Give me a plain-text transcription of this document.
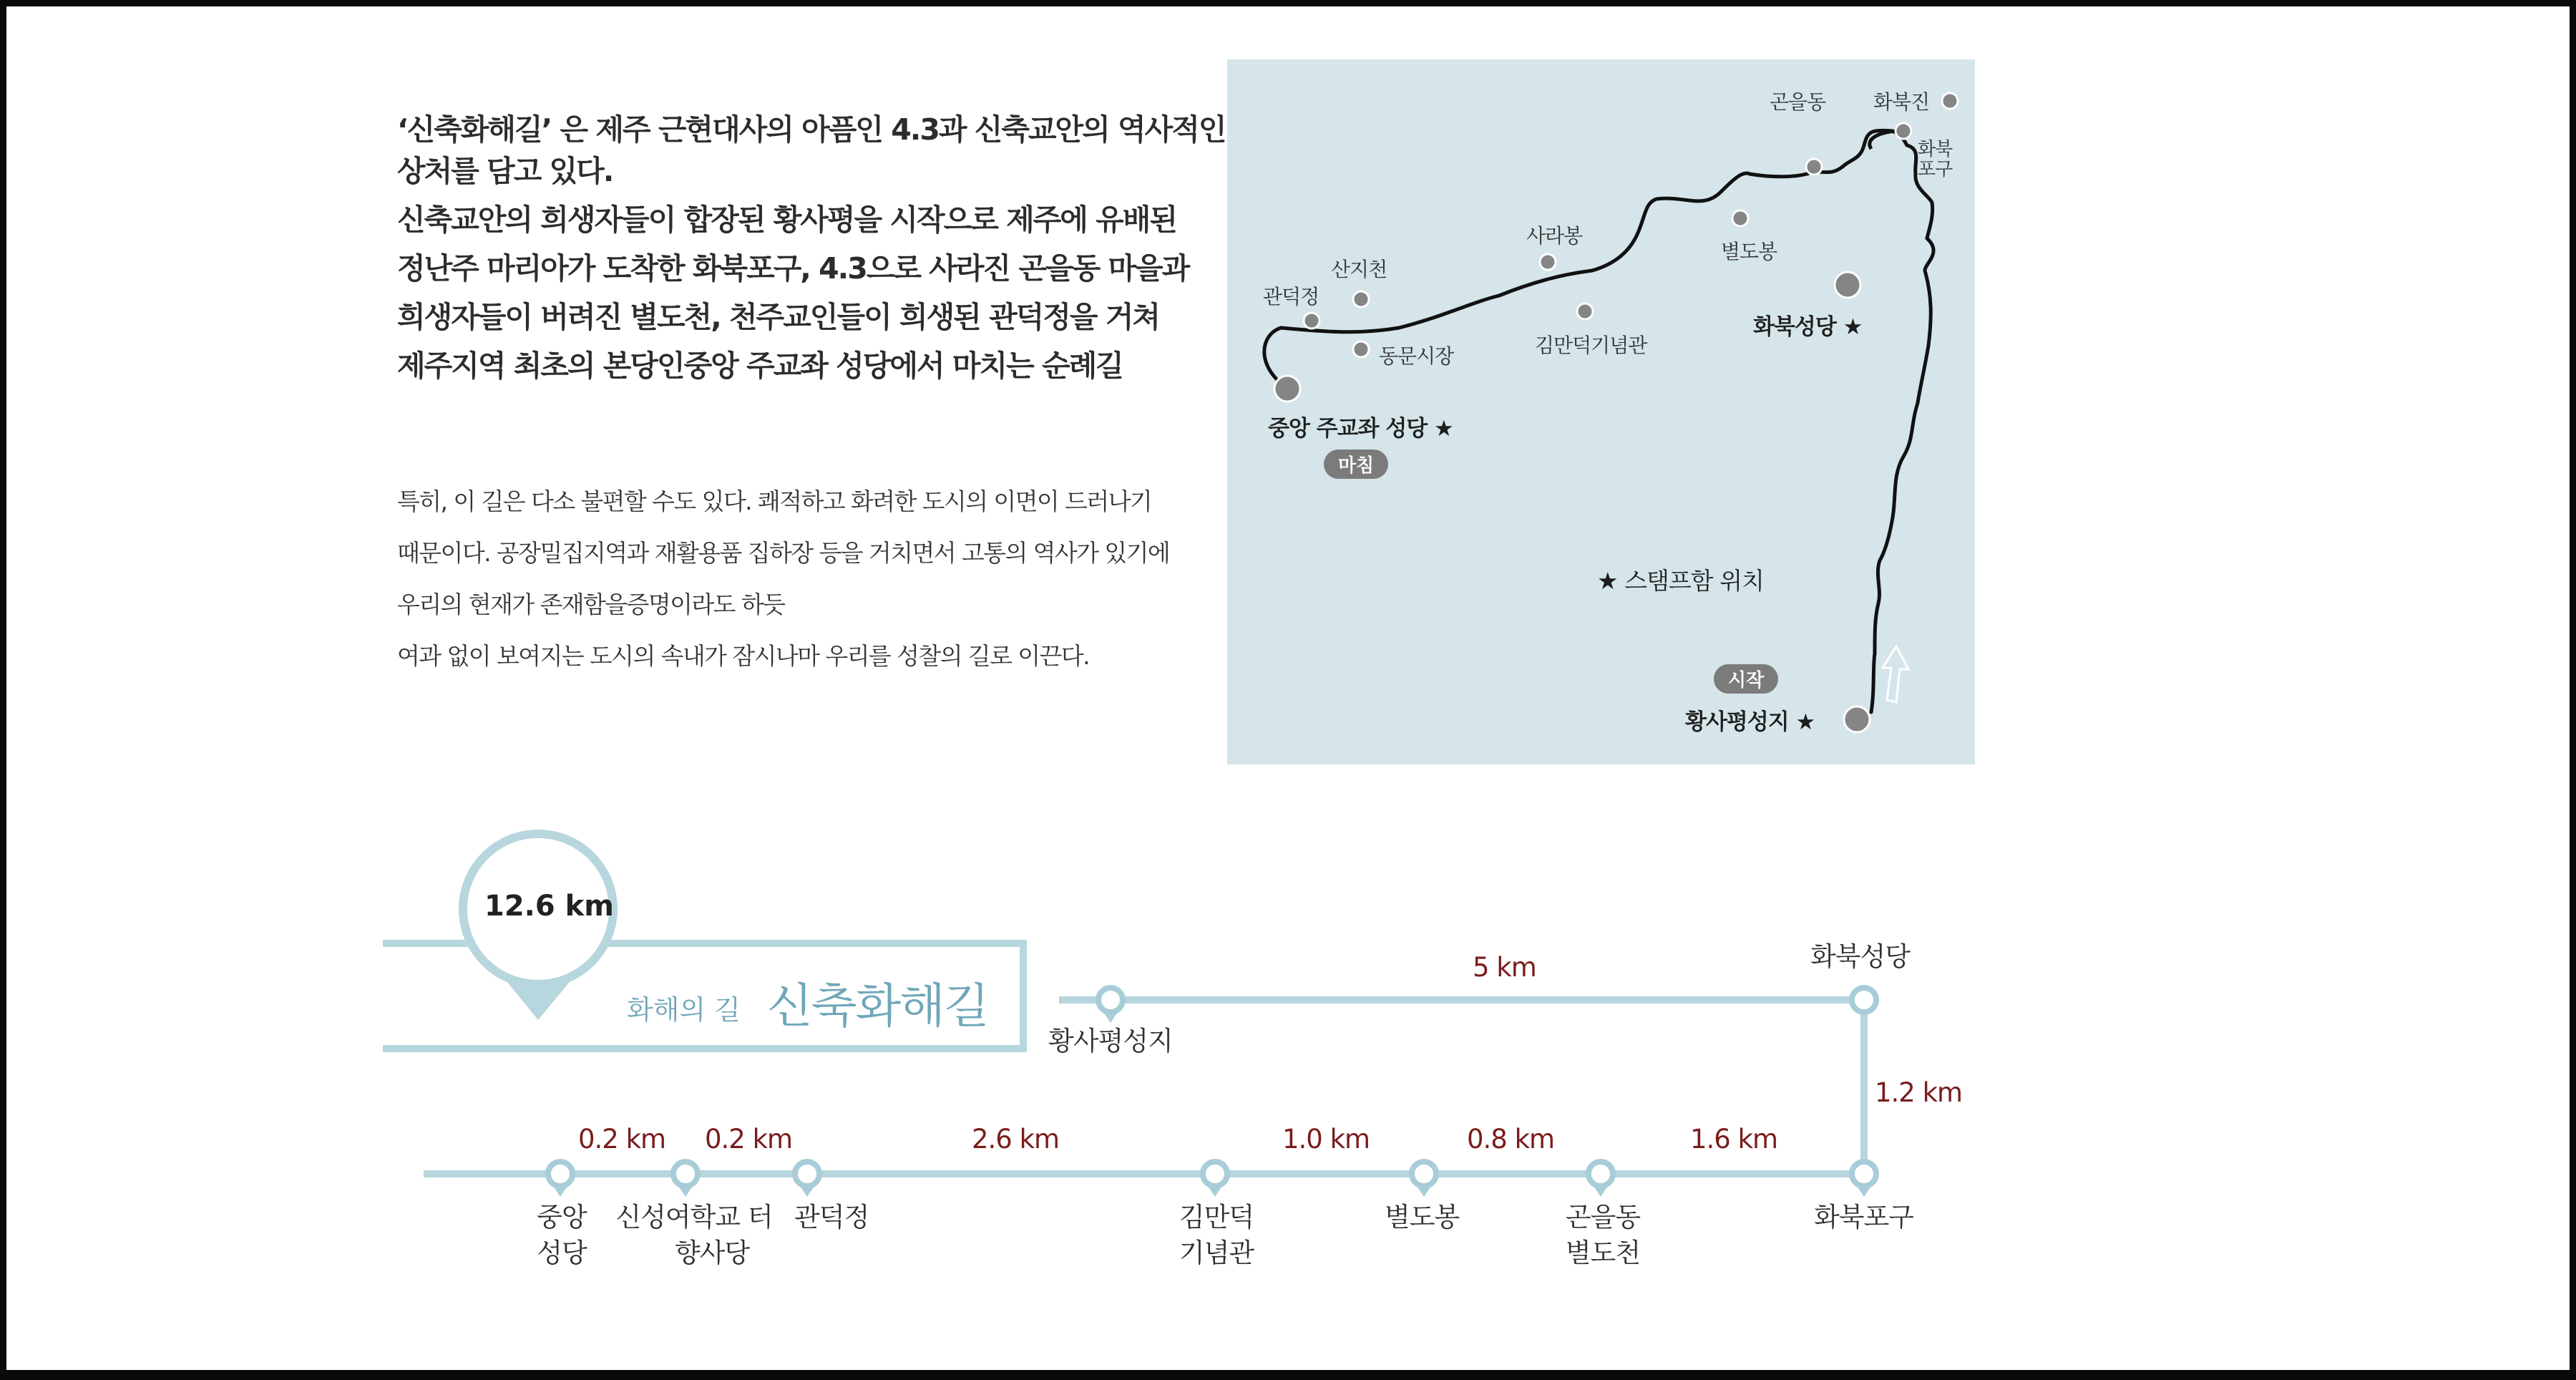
‘신축화해길’ 은 제주 근현대사의 아픔인 4.3과 신축교안의 역사적인
상처를 담고 있다.
신축교안의 희생자들이 합장된 황사평을 시작으로 제주에 유배된
정난주 마리아가 도착한 화북포구, 4.3으로 사라진 곤을동 마을과
희생자들이 버려진 별도천, 천주교인들이 희생된 관덕정을 거쳐
제주지역 최초의 본당인중앙 주교좌 성당에서 마치는 순례길
특히, 이 길은 다소 불편할 수도 있다. 쾌적하고 화려한 도시의 이면이 드러나기
때문이다. 공장밀집지역과 재활용품 집하장 등을 거치면서 고통의 역사가 있기에
우리의 현재가 존재함을증명이라도 하듯
여과 없이 보여지는 도시의 속내가 잠시나마 우리를 성찰의 길로 이끈다.
곤을동 화북진
화북
포구
사라봉
별도봉
산지천
관덕정
동문시장	김만덕기념관
화북성당 ★
중앙 주교좌 성당 ★
마침
★ 스탬프함 위치
시작
황사평성지 ★
12.6 km
화해의 길 신축화해길
5 km
1.2 km
0.2 km 0.2 km	2.6 km	1.0 km	0.8 km	1.6 km
황사평성지
화북성당
화북포구
중앙
성당
신성여학교 터
향사당
관덕정	김만덕
기념관
별도봉	곤을동
별도천
